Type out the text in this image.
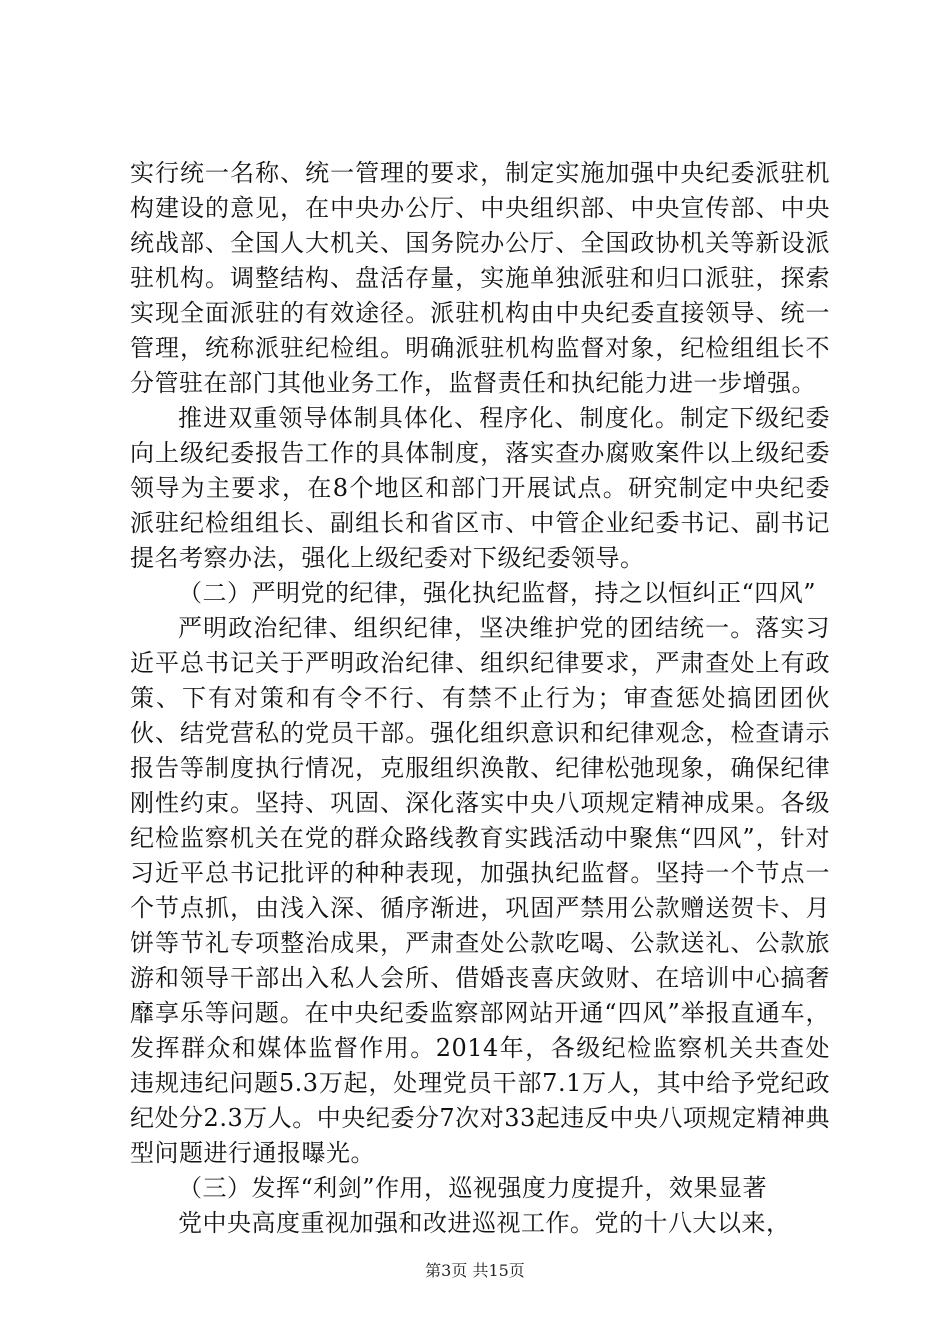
实行统一名称、统一管理的要求，制定实施加强中央纪委派驻机构建设的意见，在中央办公厅、中央组织部、中央宣传部、中央统战部、全国人大机关、国务院办公厅、全国政协机关等新设派驻机构。调整结构、盘活存量，实施单独派驻和归口派驻，探索实现全面派驻的有效途径。派驻机构由中央纪委直接领导、统一管理，统称派驻纪检组。明确派驻机构监督对象，纪检组组长不分管驻在部门其他业务工作，监督责任和执纪能力进一步增强。

推进双重领导体制具体化、程序化、制度化。制定下级纪委向上级纪委报告工作的具体制度，落实查办腐败案件以上级纪委领导为主要求，在8个地区和部门开展试点。研究制定中央纪委派驻纪检组组长、副组长和省区市、中管企业纪委书记、副书记提名考察办法，强化上级纪委对下级纪委领导。

（二）严明党的纪律，强化执纪监督，持之以恒纠正“四风”

严明政治纪律、组织纪律，坚决维护党的团结统一。落实习近平总书记关于严明政治纪律、组织纪律要求，严肃查处上有政策、下有对策和有令不行、有禁不止行为；审查惩处搞团团伙伙、结党营私的党员干部。强化组织意识和纪律观念，检查请示报告等制度执行情况，克服组织涣散、纪律松弛现象，确保纪律刚性约束。坚持、巩固、深化落实中央八项规定精神成果。各级纪检监察机关在党的群众路线教育实践活动中聚焦“四风”，针对习近平总书记批评的种种表现，加强执纪监督。坚持一个节点一个节点抓，由浅入深、循序渐进，巩固严禁用公款赠送贺卡、月饼等节礼专项整治成果，严肃查处公款吃喝、公款送礼、公款旅游和领导干部出入私人会所、借婚丧喜庆敛财、在培训中心搞奢靡享乐等问题。在中央纪委监察部网站开通“四风”举报直通车，发挥群众和媒体监督作用。2014年，各级纪检监察机关共查处违规违纪问题5.3万起，处理党员干部7.1万人，其中给予党纪政纪处分2.3万人。中央纪委分7次对33起违反中央八项规定精神典型问题进行通报曝光。

（三）发挥“利剑”作用，巡视强度力度提升，效果显著

党中央高度重视加强和改进巡视工作。党的十八大以来，

第3页 共15页
